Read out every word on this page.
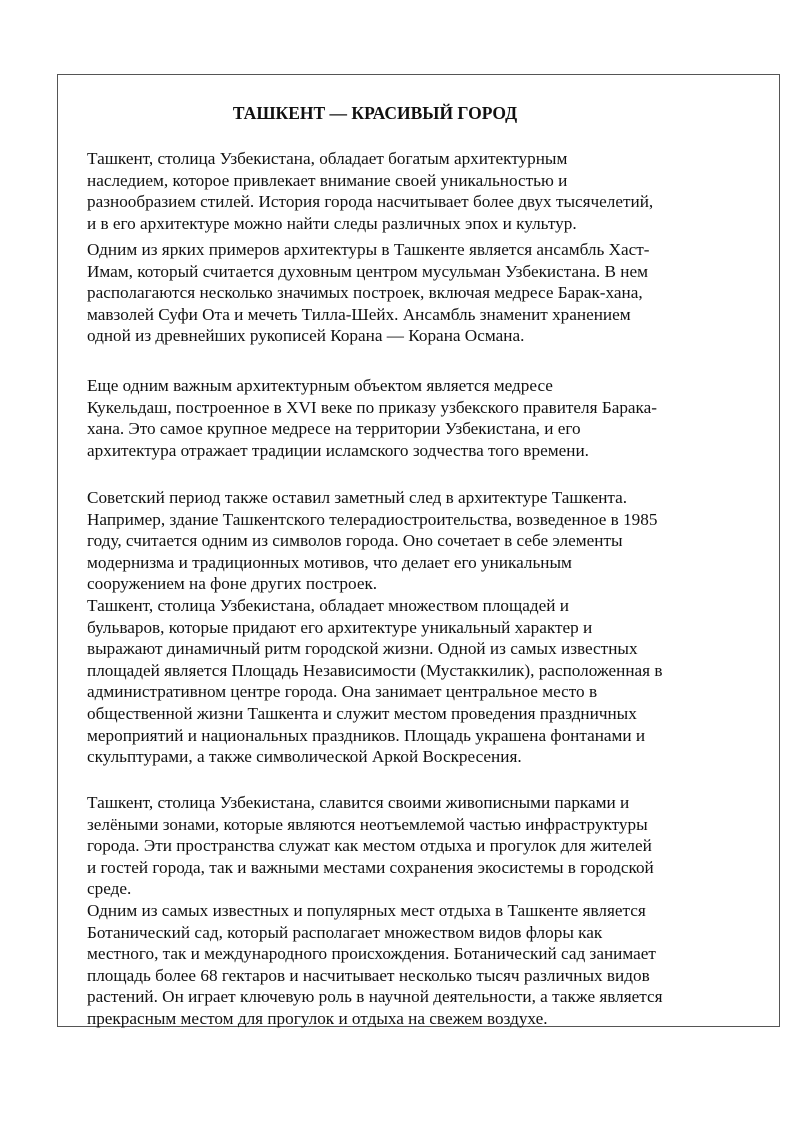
ТАШКЕНТ — КРАСИВЫЙ ГОРОД

Ташкент, столица Узбекистана, обладает богатым архитектурным
наследием, которое привлекает внимание своей уникальностью и
разнообразием стилей. История города насчитывает более двух тысячелетий,
и в его архитектуре можно найти следы различных эпох и культур.

Одним из ярких примеров архитектуры в Ташкенте является ансамбль Хаст-
Имам, который считается духовным центром мусульман Узбекистана. В нем
располагаются несколько значимых построек, включая медресе Барак-хана,
мавзолей Суфи Ота и мечеть Тилла-Шейх. Ансамбль знаменит хранением
одной из древнейших рукописей Корана — Корана Османа.

Еще одним важным архитектурным объектом является медресе
Кукельдаш, построенное в XVI веке по приказу узбекского правителя Барака-
хана. Это самое крупное медресе на территории Узбекистана, и его
архитектура отражает традиции исламского зодчества того времени.

Советский период также оставил заметный след в архитектуре Ташкента.
Например, здание Ташкентского телерадиостроительства, возведенное в 1985
году, считается одним из символов города. Оно сочетает в себе элементы
модернизма и традиционных мотивов, что делает его уникальным
сооружением на фоне других построек.
Ташкент, столица Узбекистана, обладает множеством площадей и
бульваров, которые придают его архитектуре уникальный характер и
выражают динамичный ритм городской жизни. Одной из самых известных
площадей является Площадь Независимости (Мустаккилик), расположенная в
административном центре города. Она занимает центральное место в
общественной жизни Ташкента и служит местом проведения праздничных
мероприятий и национальных праздников. Площадь украшена фонтанами и
скульптурами, а также символической Аркой Воскресения.

Ташкент, столица Узбекистана, славится своими живописными парками и
зелёными зонами, которые являются неотъемлемой частью инфраструктуры
города. Эти пространства служат как местом отдыха и прогулок для жителей
и гостей города, так и важными местами сохранения экосистемы в городской
среде.
Одним из самых известных и популярных мест отдыха в Ташкенте является
Ботанический сад, который располагает множеством видов флоры как
местного, так и международного происхождения. Ботанический сад занимает
площадь более 68 гектаров и насчитывает несколько тысяч различных видов
растений. Он играет ключевую роль в научной деятельности, а также является
прекрасным местом для прогулок и отдыха на свежем воздухе.
